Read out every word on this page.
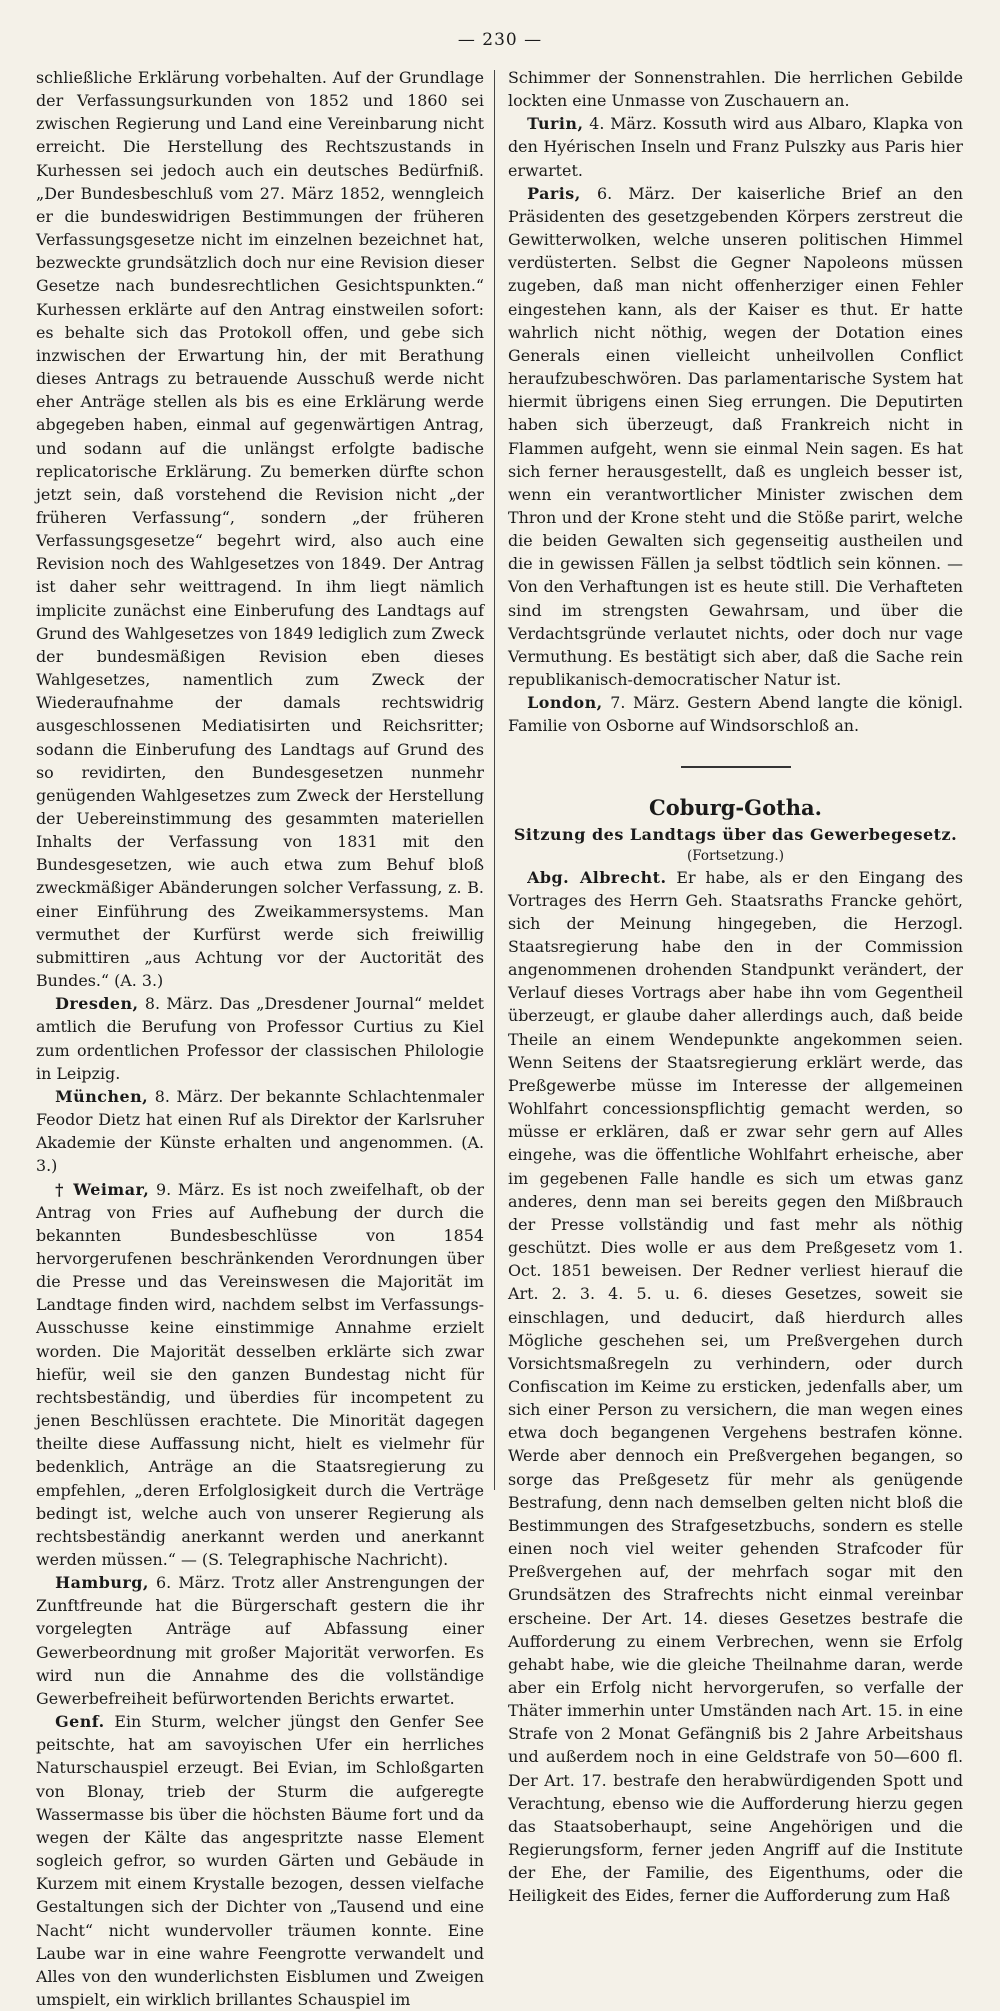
— 230 —

schließliche Erklärung vorbehalten. Auf der Grundlage der Verfassungsurkunden von 1852 und 1860 sei zwischen Regierung und Land eine Vereinbarung nicht erreicht. Die Herstellung des Rechtszustands in Kurhessen sei jedoch auch ein deutsches Bedürfniß. „Der Bundesbeschluß vom 27. März 1852, wenngleich er die bundeswidrigen Bestimmungen der früheren Verfassungsgesetze nicht im einzelnen bezeichnet hat, bezweckte grundsätzlich doch nur eine Revision dieser Gesetze nach bundesrechtlichen Gesichtspunkten.“ Kurhessen erklärte auf den Antrag einstweilen sofort: es behalte sich das Protokoll offen, und gebe sich inzwischen der Erwartung hin, der mit Berathung dieses Antrags zu betrauende Ausschuß werde nicht eher Anträge stellen als bis es eine Erklärung werde abgegeben haben, einmal auf gegenwärtigen Antrag, und sodann auf die unlängst erfolgte badische replicatorische Erklärung. Zu bemerken dürfte schon jetzt sein, daß vorstehend die Revision nicht „der früheren Verfassung“, sondern „der früheren Verfassungsgesetze“ begehrt wird, also auch eine Revision noch des Wahlgesetzes von 1849. Der Antrag ist daher sehr weittragend. In ihm liegt nämlich implicite zunächst eine Einberufung des Landtags auf Grund des Wahlgesetzes von 1849 lediglich zum Zweck der bundesmäßigen Revision eben dieses Wahlgesetzes, namentlich zum Zweck der Wiederaufnahme der damals rechtswidrig ausgeschlossenen Mediatisirten und Reichsritter; sodann die Einberufung des Landtags auf Grund des so revidirten, den Bundesgesetzen nunmehr genügenden Wahlgesetzes zum Zweck der Herstellung der Uebereinstimmung des gesammten materiellen Inhalts der Verfassung von 1831 mit den Bundesgesetzen, wie auch etwa zum Behuf bloß zweckmäßiger Abänderungen solcher Verfassung, z. B. einer Einführung des Zweikammersystems. Man vermuthet der Kurfürst werde sich freiwillig submittiren „aus Achtung vor der Auctorität des Bundes.“ (A. 3.)

Dresden, 8. März. Das „Dresdener Journal“ meldet amtlich die Berufung von Professor Curtius zu Kiel zum ordentlichen Professor der classischen Philologie in Leipzig.

München, 8. März. Der bekannte Schlachtenmaler Feodor Dietz hat einen Ruf als Direktor der Karlsruher Akademie der Künste erhalten und angenommen. (A. 3.)

† Weimar, 9. März. Es ist noch zweifelhaft, ob der Antrag von Fries auf Aufhebung der durch die bekannten Bundesbeschlüsse von 1854 hervorgerufenen beschränkenden Verordnungen über die Presse und das Vereinswesen die Majorität im Landtage finden wird, nachdem selbst im Verfassungs-Ausschusse keine einstimmige Annahme erzielt worden. Die Majorität desselben erklärte sich zwar hiefür, weil sie den ganzen Bundestag nicht für rechtsbeständig, und überdies für incompetent zu jenen Beschlüssen erachtete. Die Minorität dagegen theilte diese Auffassung nicht, hielt es vielmehr für bedenklich, Anträge an die Staatsregierung zu empfehlen, „deren Erfolglosigkeit durch die Verträge bedingt ist, welche auch von unserer Regierung als rechtsbeständig anerkannt werden und anerkannt werden müssen.“ — (S. Telegraphische Nachricht).

Hamburg, 6. März. Trotz aller Anstrengungen der Zunftfreunde hat die Bürgerschaft gestern die ihr vorgelegten Anträge auf Abfassung einer Gewerbeordnung mit großer Majorität verworfen. Es wird nun die Annahme des die vollständige Gewerbefreiheit befürwortenden Berichts erwartet.

Genf. Ein Sturm, welcher jüngst den Genfer See peitschte, hat am savoyischen Ufer ein herrliches Naturschauspiel erzeugt. Bei Evian, im Schloßgarten von Blonay, trieb der Sturm die aufgeregte Wassermasse bis über die höchsten Bäume fort und da wegen der Kälte das angespritzte nasse Element sogleich gefror, so wurden Gärten und Gebäude in Kurzem mit einem Krystalle bezogen, dessen vielfache Gestaltungen sich der Dichter von „Tausend und eine Nacht“ nicht wundervoller träumen konnte. Eine Laube war in eine wahre Feengrotte verwandelt und Alles von den wunderlichsten Eisblumen und Zweigen umspielt, ein wirklich brillantes Schauspiel im

Schimmer der Sonnenstrahlen. Die herrlichen Gebilde lockten eine Unmasse von Zuschauern an.

Turin, 4. März. Kossuth wird aus Albaro, Klapka von den Hyérischen Inseln und Franz Pulszky aus Paris hier erwartet.

Paris, 6. März. Der kaiserliche Brief an den Präsidenten des gesetzgebenden Körpers zerstreut die Gewitterwolken, welche unseren politischen Himmel verdüsterten. Selbst die Gegner Napoleons müssen zugeben, daß man nicht offenherziger einen Fehler eingestehen kann, als der Kaiser es thut. Er hatte wahrlich nicht nöthig, wegen der Dotation eines Generals einen vielleicht unheilvollen Conflict heraufzubeschwören. Das parlamentarische System hat hiermit übrigens einen Sieg errungen. Die Deputirten haben sich überzeugt, daß Frankreich nicht in Flammen aufgeht, wenn sie einmal Nein sagen. Es hat sich ferner herausgestellt, daß es ungleich besser ist, wenn ein verantwortlicher Minister zwischen dem Thron und der Krone steht und die Stöße parirt, welche die beiden Gewalten sich gegenseitig austheilen und die in gewissen Fällen ja selbst tödtlich sein können. — Von den Verhaftungen ist es heute still. Die Verhafteten sind im strengsten Gewahrsam, und über die Verdachtsgründe verlautet nichts, oder doch nur vage Vermuthung. Es bestätigt sich aber, daß die Sache rein republikanisch-democratischer Natur ist.

London, 7. März. Gestern Abend langte die königl. Familie von Osborne auf Windsorschloß an.

Coburg-Gotha.
Sitzung des Landtags über das Gewerbegesetz.
(Fortsetzung.)

Abg. Albrecht. Er habe, als er den Eingang des Vortrages des Herrn Geh. Staatsraths Francke gehört, sich der Meinung hingegeben, die Herzogl. Staatsregierung habe den in der Commission angenommenen drohenden Standpunkt verändert, der Verlauf dieses Vortrags aber habe ihn vom Gegentheil überzeugt, er glaube daher allerdings auch, daß beide Theile an einem Wendepunkte angekommen seien. Wenn Seitens der Staatsregierung erklärt werde, das Preßgewerbe müsse im Interesse der allgemeinen Wohlfahrt concessionspflichtig gemacht werden, so müsse er erklären, daß er zwar sehr gern auf Alles eingehe, was die öffentliche Wohlfahrt erheische, aber im gegebenen Falle handle es sich um etwas ganz anderes, denn man sei bereits gegen den Mißbrauch der Presse vollständig und fast mehr als nöthig geschützt. Dies wolle er aus dem Preßgesetz vom 1. Oct. 1851 beweisen. Der Redner verliest hierauf die Art. 2. 3. 4. 5. u. 6. dieses Gesetzes, soweit sie einschlagen, und deducirt, daß hierdurch alles Mögliche geschehen sei, um Preßvergehen durch Vorsichtsmaßregeln zu verhindern, oder durch Confiscation im Keime zu ersticken, jedenfalls aber, um sich einer Person zu versichern, die man wegen eines etwa doch begangenen Vergehens bestrafen könne. Werde aber dennoch ein Preßvergehen begangen, so sorge das Preßgesetz für mehr als genügende Bestrafung, denn nach demselben gelten nicht bloß die Bestimmungen des Strafgesetzbuchs, sondern es stelle einen noch viel weiter gehenden Strafcoder für Preßvergehen auf, der mehrfach sogar mit den Grundsätzen des Strafrechts nicht einmal vereinbar erscheine. Der Art. 14. dieses Gesetzes bestrafe die Aufforderung zu einem Verbrechen, wenn sie Erfolg gehabt habe, wie die gleiche Theilnahme daran, werde aber ein Erfolg nicht hervorgerufen, so verfalle der Thäter immerhin unter Umständen nach Art. 15. in eine Strafe von 2 Monat Gefängniß bis 2 Jahre Arbeitshaus und außerdem noch in eine Geldstrafe von 50—600 fl. Der Art. 17. bestrafe den herabwürdigenden Spott und Verachtung, ebenso wie die Aufforderung hierzu gegen das Staatsoberhaupt, seine Angehörigen und die Regierungsform, ferner jeden Angriff auf die Institute der Ehe, der Familie, des Eigenthums, oder die Heiligkeit des Eides, ferner die Aufforderung zum Haß
